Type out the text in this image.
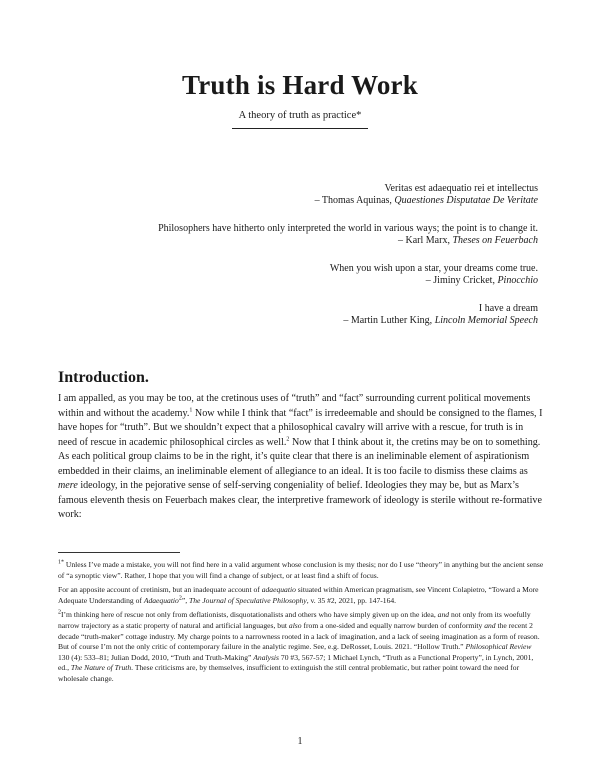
Truth is Hard Work
A theory of truth as practice*
Veritas est adaequatio rei et intellectus
– Thomas Aquinas, Quaestiones Disputatae De Veritate
Philosophers have hitherto only interpreted the world in various ways; the point is to change it.
– Karl Marx, Theses on Feuerbach
When you wish upon a star, your dreams come true.
– Jiminy Cricket, Pinocchio
I have a dream
– Martin Luther King, Lincoln Memorial Speech
Introduction.
I am appalled, as you may be too, at the cretinous uses of “truth” and “fact” surrounding current political movements within and without the academy.$^1$ Now while I think that “fact” is irredeemable and should be consigned to the flames, I have hopes for “truth”. But we shouldn’t expect that a philosophical cavalry will arrive with a rescue, for truth is in need of rescue in academic philosophical circles as well.$^2$ Now that I think about it, the cretins may be on to something. As each political group claims to be in the right, it’s quite clear that there is an ineliminable element of aspirationism embedded in their claims, an ineliminable element of allegiance to an ideal. It is too facile to dismiss these claims as mere ideology, in the pejorative sense of self-serving congeniality of belief. Ideologies they may be, but as Marx’s famous eleventh thesis on Feuerbach makes clear, the interpretive framework of ideology is sterile without re-formative work:
$^{1*}$ Unless I’ve made a mistake, you will not find here in a valid argument whose conclusion is my thesis; nor do I use “theory” in anything but the ancient sense of “a synoptic view”. Rather, I hope that you will find a change of subject, or at least find a shift of focus.
For an apposite account of cretinism, but an inadequate account of adaequatio situated within American pragmatism, see Vincent Colapietro, “Toward a More Adequate Understanding of Adaequatio$^2$”, The Journal of Speculative Philosophy, v. 35 #2, 2021, pp. 147-164.
$^2$I’m thinking here of rescue not only from deflationists, disquotationalists and others who have simply given up on the idea, and not only from its woefully narrow trajectory as a static property of natural and artificial languages, but also from a one-sided and equally narrow burden of conformity and the recent 2 decade “truth-maker” cottage industry. My charge points to a narrowness rooted in a lack of imagination, and a lack of seeing imagination as a form of reason. But of course I’m not the only critic of contemporary failure in the analytic regime. See, e.g. DeRosset, Louis. 2021. “Hollow Truth.” Philosophical Review 130 (4): 533–81; Julian Dodd, 2010, “Truth and Truth-Making” Analysis 70 #3, 567-57; 1 Michael Lynch, “Truth as a Functional Property”, in Lynch, 2001, ed., The Nature of Truth. These criticisms are, by themselves, insufficient to extinguish the still central problematic, but rather point toward the need for wholesale change.
1
